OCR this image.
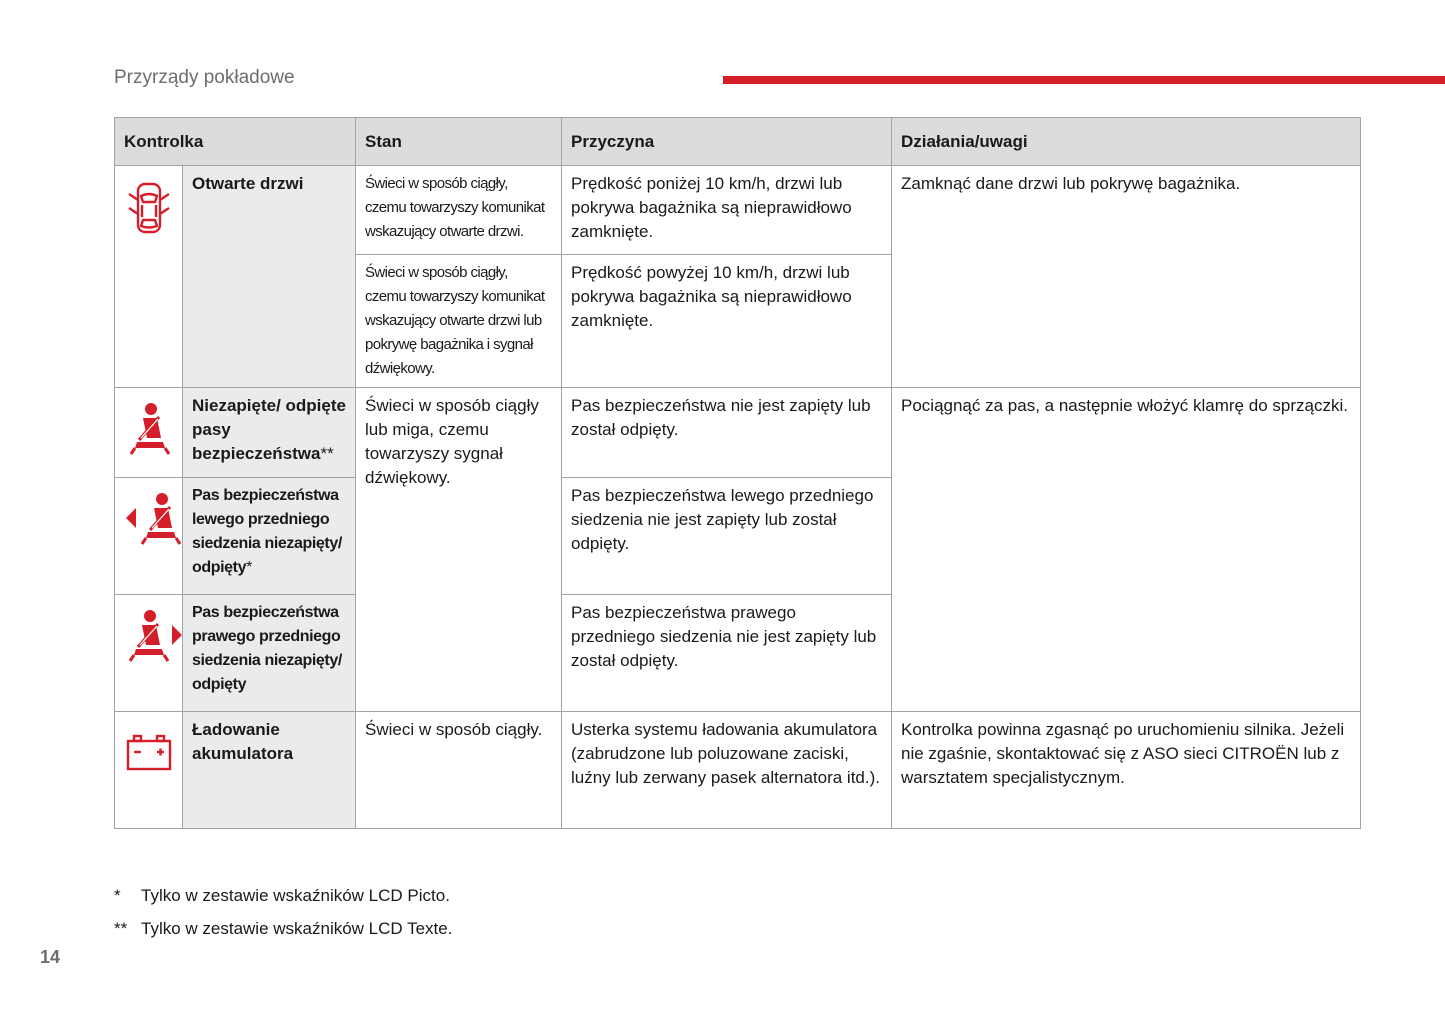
Przyrządy pokładowe
Kontrolka		Stan	Przyczyna	Działania/uwagi

	Otwarte drzwi	Świeci w sposób ciągły, czemu towarzyszy komunikat wskazujący otwarte drzwi.	Prędkość poniżej 10 km/h, drzwi lub pokrywa bagażnika są nieprawidłowo zamknięte.	Zamknąć dane drzwi lub pokrywę bagażnika.
		Świeci w sposób ciągły, czemu towarzyszy komunikat wskazujący otwarte drzwi lub pokrywę bagażnika i sygnał dźwiękowy.	Prędkość powyżej 10 km/h, drzwi lub pokrywa bagażnika są nieprawidłowo zamknięte.	

	Niezapięte/ odpięte pasy bezpieczeństwa**	Świeci w sposób ciągły lub miga, czemu towarzyszy sygnał dźwiękowy.	Pas bezpieczeństwa nie jest zapięty lub został odpięty.	Pociągnąć za pas, a następnie włożyć klamrę do sprzączki.

	Pas bezpieczeństwa lewego przedniego siedzenia niezapięty/ odpięty*		Pas bezpieczeństwa lewego przedniego siedzenia nie jest zapięty lub został odpięty.	

	Pas bezpieczeństwa prawego przedniego siedzenia niezapięty/ odpięty		Pas bezpieczeństwa prawego przedniego siedzenia nie jest zapięty lub został odpięty.	

	Ładowanie akumulatora	Świeci w sposób ciągły.	Usterka systemu ładowania akumulatora (zabrudzone lub poluzowane zaciski, luźny lub zerwany pasek alternatora itd.).	Kontrolka powinna zgasnąć po uruchomieniu silnika. Jeżeli nie zgaśnie, skontaktować się z ASO sieci CITROËN lub z warsztatem specjalistycznym.
*	Tylko w zestawie wskaźników LCD Picto.
** Tylko w zestawie wskaźników LCD Texte.
14
